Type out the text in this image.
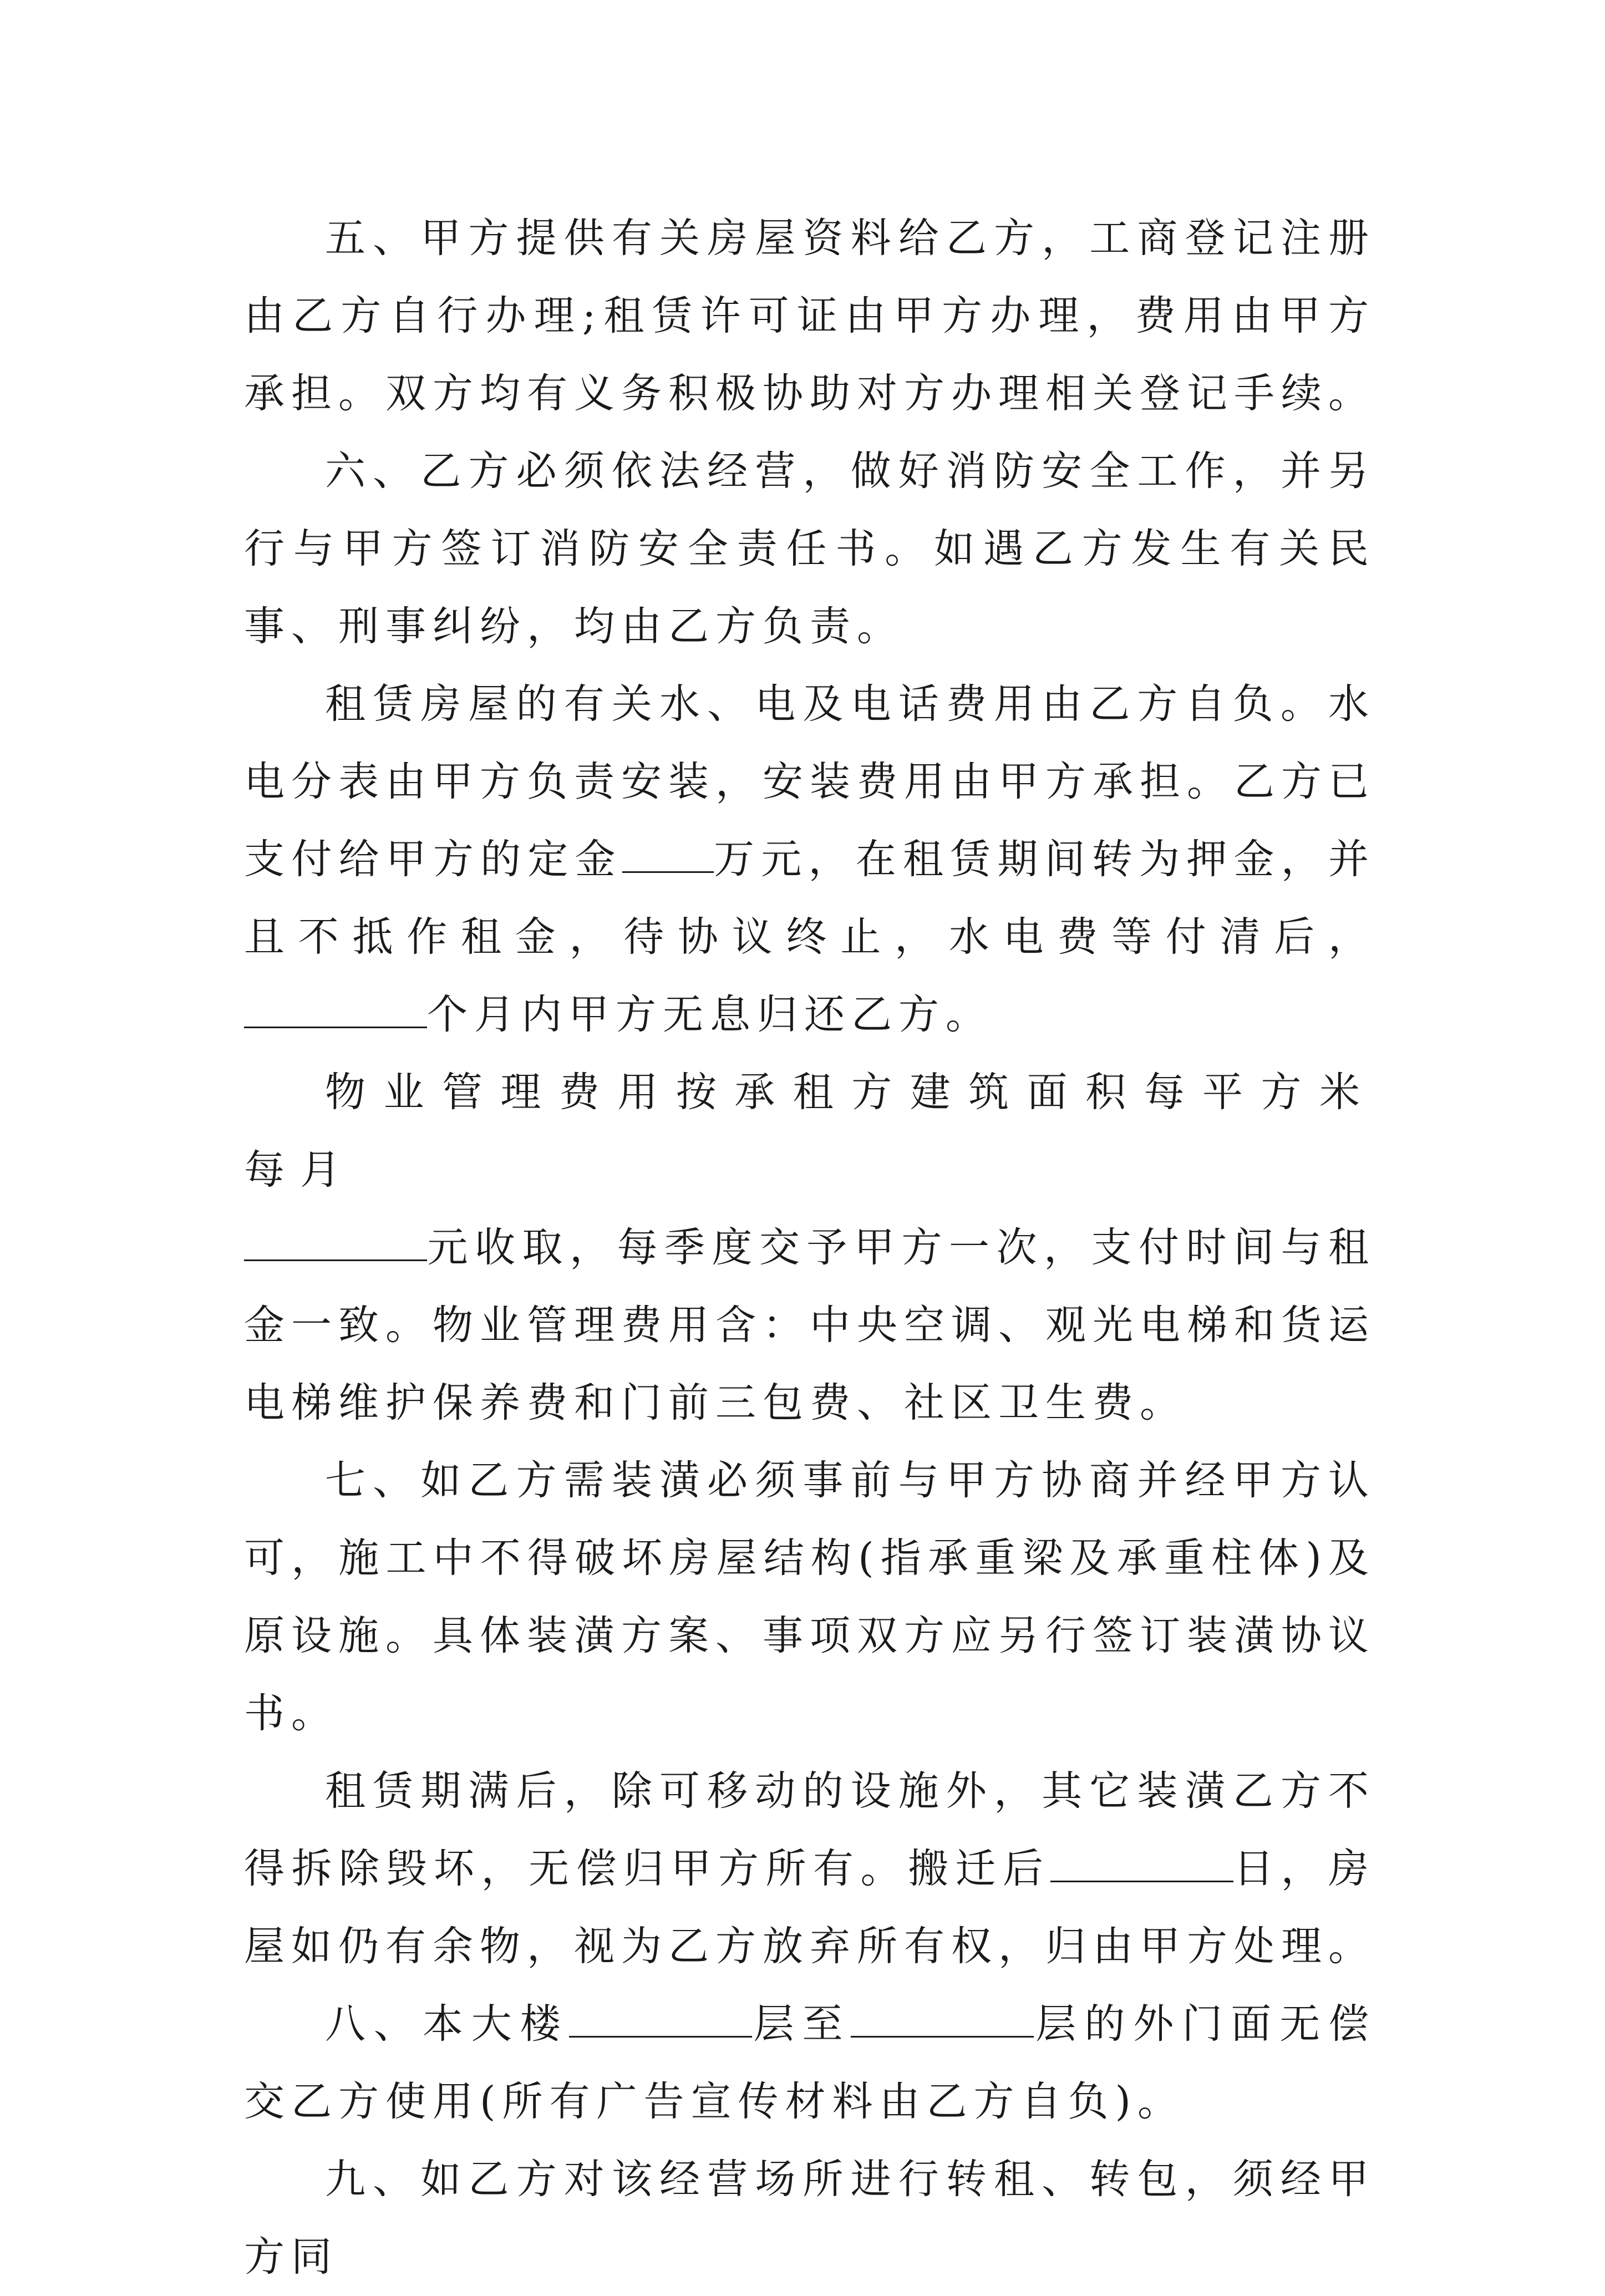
五、甲方提供有关房屋资料给乙方，工商登记注册由乙方自行办理;租赁许可证由甲方办理，费用由甲方承担。双方均有义务积极协助对方办理相关登记手续。

六、乙方必须依法经营，做好消防安全工作，并另行与甲方签订消防安全责任书。如遇乙方发生有关民事、刑事纠纷，均由乙方负责。

租赁房屋的有关水、电及电话费用由乙方自负。水电分表由甲方负责安装，安装费用由甲方承担。乙方已支付给甲方的定金 万元，在租赁期间转为押金，并且不抵作租金，待协议终止，水电费等付清后，个月内甲方无息归还乙方。

物业管理费用按承租方建筑面积每平方米每月

元收取，每季度交予甲方一次，支付时间与租金一致。物业管理费用含：中央空调、观光电梯和货运电梯维护保养费和门前三包费、社区卫生费。

七、如乙方需装潢必须事前与甲方协商并经甲方认可，施工中不得破坏房屋结构(指承重梁及承重柱体)及原设施。具体装潢方案、事项双方应另行签订装潢协议书。

租赁期满后，除可移动的设施外，其它装潢乙方不得拆除毁坏，无偿归甲方所有。搬迁后	日，房屋如仍有余物，视为乙方放弃所有权，归由甲方处理。

八、本大楼	层至	层的外门面无偿交乙方使用(所有广告宣传材料由乙方自负)。

九、如乙方对该经营场所进行转租、转包，须经甲方同
